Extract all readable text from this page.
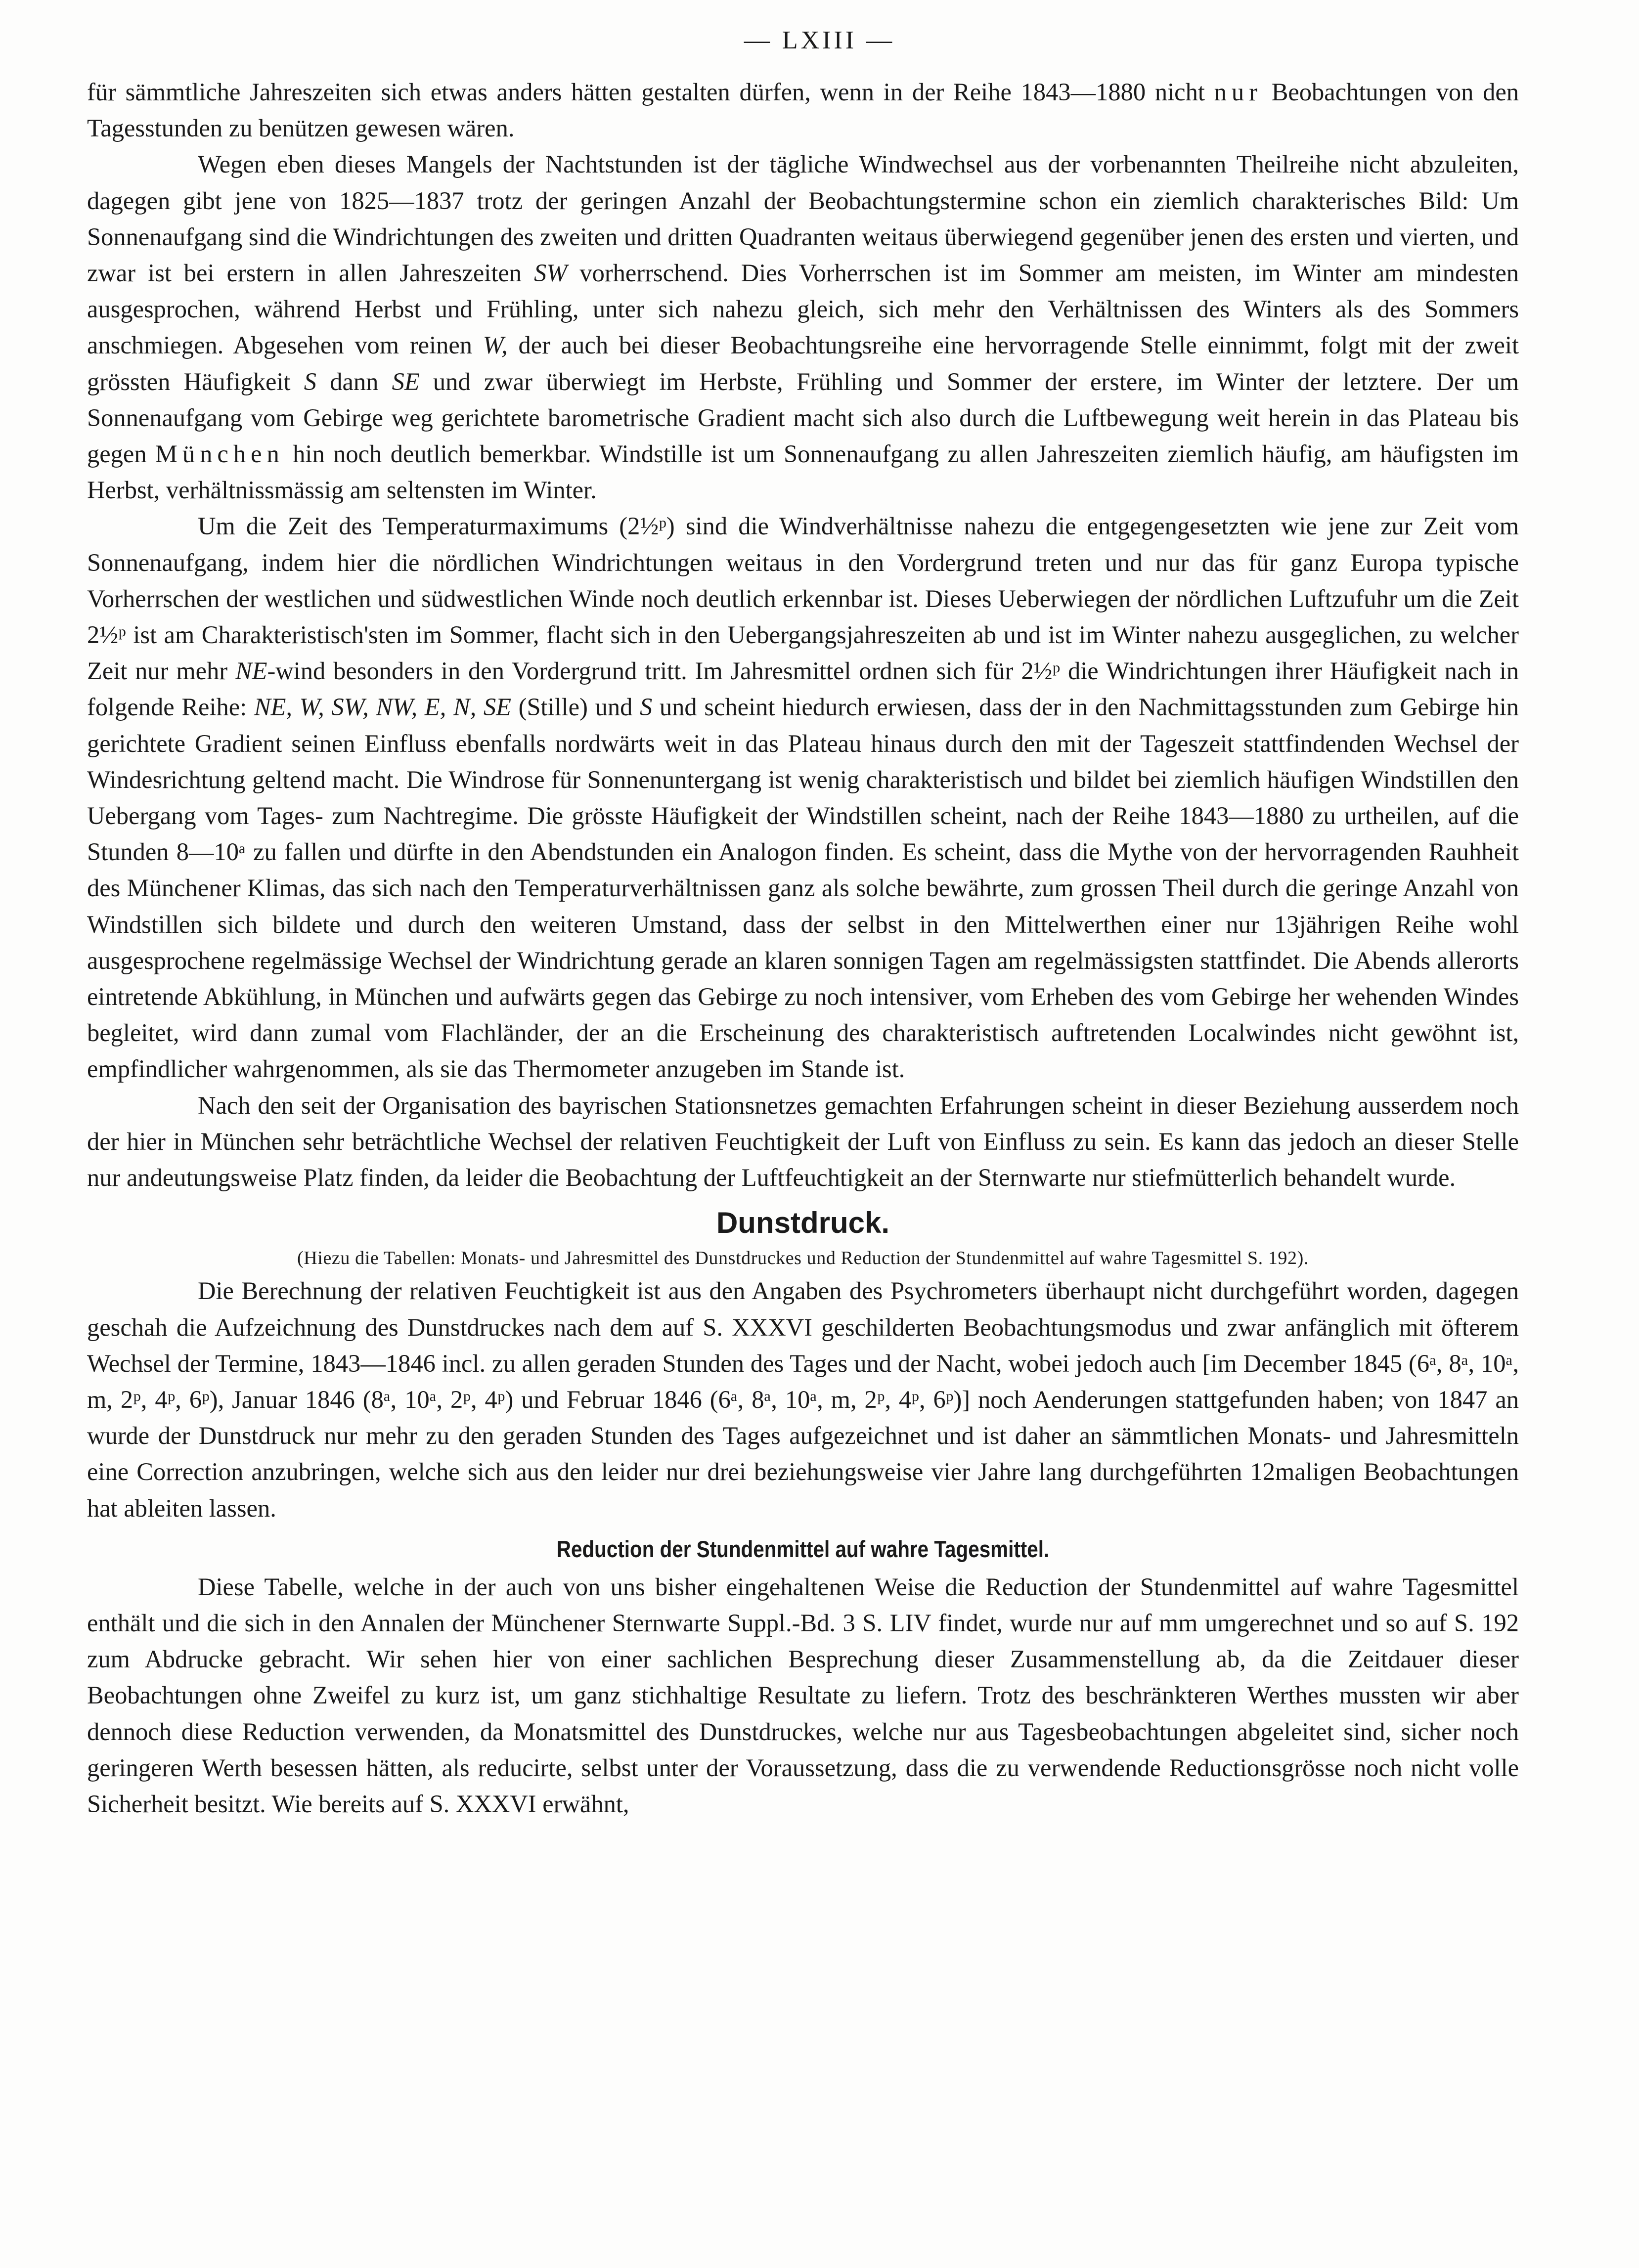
— LXIII —

für sämmtliche Jahreszeiten sich etwas anders hätten gestalten dürfen, wenn in der Reihe 1843—1880 nicht nur Beobachtungen von den Tagesstunden zu benützen gewesen wären.

Wegen eben dieses Mangels der Nachtstunden ist der tägliche Windwechsel aus der vorbenannten Theilreihe nicht abzuleiten, dagegen gibt jene von 1825—1837 trotz der geringen Anzahl der Beobachtungstermine schon ein ziemlich charakterisches Bild: Um Sonnenaufgang sind die Windrichtungen des zweiten und dritten Quadranten weitaus überwiegend gegenüber jenen des ersten und vierten, und zwar ist bei erstern in allen Jahreszeiten SW vorherrschend. Dies Vorherrschen ist im Sommer am meisten, im Winter am mindesten ausgesprochen, während Herbst und Frühling, unter sich nahezu gleich, sich mehr den Verhältnissen des Winters als des Sommers anschmiegen. Abgesehen vom reinen W, der auch bei dieser Beobachtungsreihe eine hervorragende Stelle einnimmt, folgt mit der zweit grössten Häufigkeit S dann SE und zwar überwiegt im Herbste, Frühling und Sommer der erstere, im Winter der letztere. Der um Sonnenaufgang vom Gebirge weg gerichtete barometrische Gradient macht sich also durch die Luftbewegung weit herein in das Plateau bis gegen München hin noch deutlich bemerkbar. Windstille ist um Sonnenaufgang zu allen Jahreszeiten ziemlich häufig, am häufigsten im Herbst, verhältnissmässig am seltensten im Winter.

Um die Zeit des Temperaturmaximums (2½ᵖ) sind die Windverhältnisse nahezu die entgegengesetzten wie jene zur Zeit vom Sonnenaufgang, indem hier die nördlichen Windrichtungen weitaus in den Vordergrund treten und nur das für ganz Europa typische Vorherrschen der westlichen und südwestlichen Winde noch deutlich erkennbar ist. Dieses Ueberwiegen der nördlichen Luftzufuhr um die Zeit 2½ᵖ ist am Charakteristisch'sten im Sommer, flacht sich in den Uebergangsjahreszeiten ab und ist im Winter nahezu ausgeglichen, zu welcher Zeit nur mehr NE-wind besonders in den Vordergrund tritt. Im Jahresmittel ordnen sich für 2½ᵖ die Windrichtungen ihrer Häufigkeit nach in folgende Reihe: NE, W, SW, NW, E, N, SE (Stille) und S und scheint hiedurch erwiesen, dass der in den Nachmittagsstunden zum Gebirge hin gerichtete Gradient seinen Einfluss ebenfalls nordwärts weit in das Plateau hinaus durch den mit der Tageszeit stattfindenden Wechsel der Windesrichtung geltend macht. Die Windrose für Sonnenuntergang ist wenig charakteristisch und bildet bei ziemlich häufigen Windstillen den Uebergang vom Tages- zum Nachtregime. Die grösste Häufigkeit der Windstillen scheint, nach der Reihe 1843—1880 zu urtheilen, auf die Stunden 8—10ᵃ zu fallen und dürfte in den Abendstunden ein Analogon finden. Es scheint, dass die Mythe von der hervorragenden Rauhheit des Münchener Klimas, das sich nach den Temperaturverhältnissen ganz als solche bewährte, zum grossen Theil durch die geringe Anzahl von Windstillen sich bildete und durch den weiteren Umstand, dass der selbst in den Mittelwerthen einer nur 13jährigen Reihe wohl ausgesprochene regelmässige Wechsel der Windrichtung gerade an klaren sonnigen Tagen am regelmässigsten stattfindet. Die Abends allerorts eintretende Abkühlung, in München und aufwärts gegen das Gebirge zu noch intensiver, vom Erheben des vom Gebirge her wehenden Windes begleitet, wird dann zumal vom Flachländer, der an die Erscheinung des charakteristisch auftretenden Localwindes nicht gewöhnt ist, empfindlicher wahrgenommen, als sie das Thermometer anzugeben im Stande ist.

Nach den seit der Organisation des bayrischen Stationsnetzes gemachten Erfahrungen scheint in dieser Beziehung ausserdem noch der hier in München sehr beträchtliche Wechsel der relativen Feuchtigkeit der Luft von Einfluss zu sein. Es kann das jedoch an dieser Stelle nur andeutungsweise Platz finden, da leider die Beobachtung der Luftfeuchtigkeit an der Sternwarte nur stiefmütterlich behandelt wurde.

Dunstdruck.
(Hiezu die Tabellen: Monats- und Jahresmittel des Dunstdruckes und Reduction der Stundenmittel auf wahre Tagesmittel S. 192).

Die Berechnung der relativen Feuchtigkeit ist aus den Angaben des Psychrometers überhaupt nicht durchgeführt worden, dagegen geschah die Aufzeichnung des Dunstdruckes nach dem auf S. XXXVI geschilderten Beobachtungsmodus und zwar anfänglich mit öfterem Wechsel der Termine, 1843—1846 incl. zu allen geraden Stunden des Tages und der Nacht, wobei jedoch auch [im December 1845 (6ᵃ, 8ᵃ, 10ᵃ, m, 2ᵖ, 4ᵖ, 6ᵖ), Januar 1846 (8ᵃ, 10ᵃ, 2ᵖ, 4ᵖ) und Februar 1846 (6ᵃ, 8ᵃ, 10ᵃ, m, 2ᵖ, 4ᵖ, 6ᵖ)] noch Aenderungen stattgefunden haben; von 1847 an wurde der Dunstdruck nur mehr zu den geraden Stunden des Tages aufgezeichnet und ist daher an sämmtlichen Monats- und Jahresmitteln eine Correction anzubringen, welche sich aus den leider nur drei beziehungsweise vier Jahre lang durchgeführten 12maligen Beobachtungen hat ableiten lassen.

Reduction der Stundenmittel auf wahre Tagesmittel.

Diese Tabelle, welche in der auch von uns bisher eingehaltenen Weise die Reduction der Stundenmittel auf wahre Tagesmittel enthält und die sich in den Annalen der Münchener Sternwarte Suppl.-Bd. 3 S. LIV findet, wurde nur auf mm umgerechnet und so auf S. 192 zum Abdrucke gebracht. Wir sehen hier von einer sachlichen Besprechung dieser Zusammenstellung ab, da die Zeitdauer dieser Beobachtungen ohne Zweifel zu kurz ist, um ganz stichhaltige Resultate zu liefern. Trotz des beschränkteren Werthes mussten wir aber dennoch diese Reduction verwenden, da Monatsmittel des Dunstdruckes, welche nur aus Tagesbeobachtungen abgeleitet sind, sicher noch geringeren Werth besessen hätten, als reducirte, selbst unter der Voraussetzung, dass die zu verwendende Reductionsgrösse noch nicht volle Sicherheit besitzt. Wie bereits auf S. XXXVI erwähnt,
